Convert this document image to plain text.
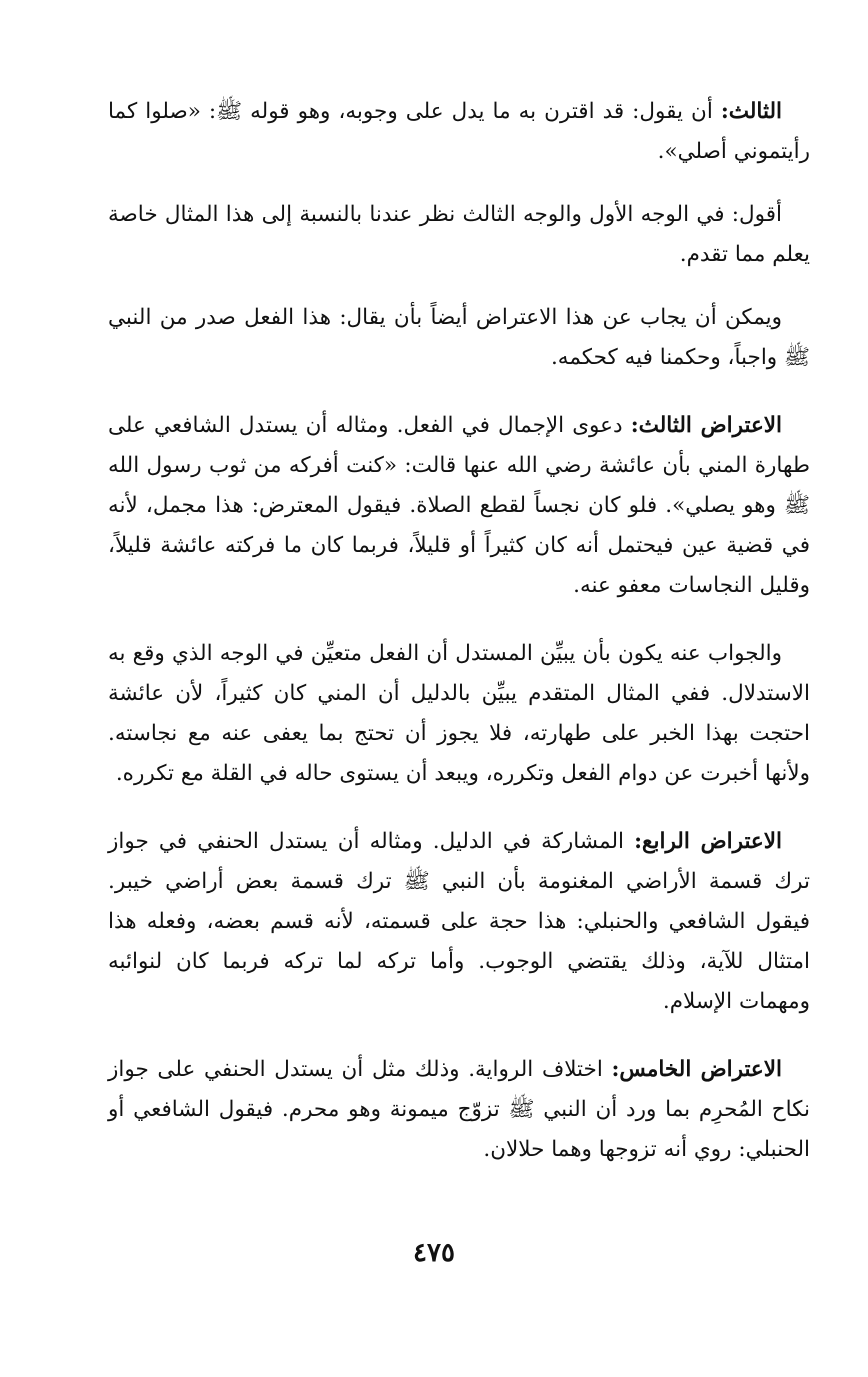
الثالث: أن يقول: قد اقترن به ما يدل على وجوبه، وهو قوله ﷺ: «صلوا كما رأيتموني أصلي».

أقول: في الوجه الأول والوجه الثالث نظر عندنا بالنسبة إلى هذا المثال خاصة يعلم مما تقدم.

ويمكن أن يجاب عن هذا الاعتراض أيضاً بأن يقال: هذا الفعل صدر من النبي ﷺ واجباً، وحكمنا فيه كحكمه.

الاعتراض الثالث: دعوى الإجمال في الفعل. ومثاله أن يستدل الشافعي على طهارة المني بأن عائشة رضي الله عنها قالت: «كنت أفركه من ثوب رسول الله ﷺ وهو يصلي». فلو كان نجساً لقطع الصلاة. فيقول المعترض: هذا مجمل، لأنه في قضية عين فيحتمل أنه كان كثيراً أو قليلاً، فربما كان ما فركته عائشة قليلاً، وقليل النجاسات معفو عنه.

والجواب عنه يكون بأن يبيِّن المستدل أن الفعل متعيِّن في الوجه الذي وقع به الاستدلال. ففي المثال المتقدم يبيِّن بالدليل أن المني كان كثيراً، لأن عائشة احتجت بهذا الخبر على طهارته، فلا يجوز أن تحتج بما يعفى عنه مع نجاسته. ولأنها أخبرت عن دوام الفعل وتكرره، ويبعد أن يستوى حاله في القلة مع تكرره.

الاعتراض الرابع: المشاركة في الدليل. ومثاله أن يستدل الحنفي في جواز ترك قسمة الأراضي المغنومة بأن النبي ﷺ ترك قسمة بعض أراضي خيبر. فيقول الشافعي والحنبلي: هذا حجة على قسمته، لأنه قسم بعضه، وفعله هذا امتثال للآية، وذلك يقتضي الوجوب. وأما تركه لما تركه فربما كان لنوائبه ومهمات الإسلام.

الاعتراض الخامس: اختلاف الرواية. وذلك مثل أن يستدل الحنفي على جواز نكاح المُحرِم بما ورد أن النبي ﷺ تزوّج ميمونة وهو محرم. فيقول الشافعي أو الحنبلي: روي أنه تزوجها وهما حلالان.

٤٧٥
